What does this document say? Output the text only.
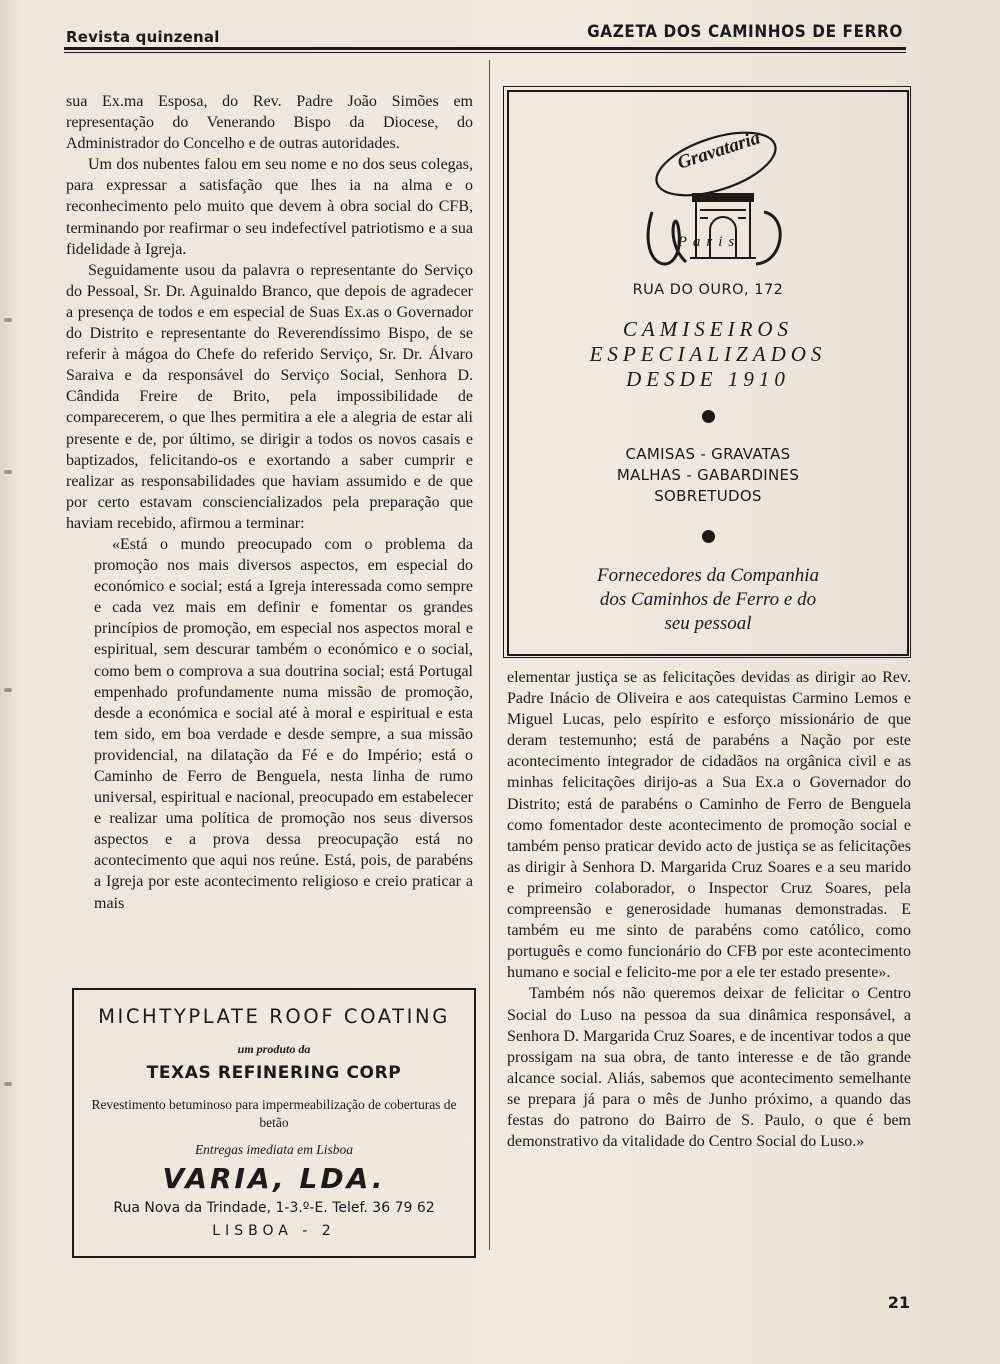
Revista quinzenal	GAZETA DOS CAMINHOS DE FERRO

sua Ex.ma Esposa, do Rev. Padre João Simões em representação do Venerando Bispo da Diocese, do Administrador do Concelho e de outras autoridades.

Um dos nubentes falou em seu nome e no dos seus colegas, para expressar a satisfação que lhes ia na alma e o reconhecimento pelo muito que devem à obra social do CFB, terminando por reafirmar o seu indefectível patriotismo e a sua fidelidade à Igreja.

Seguidamente usou da palavra o representante do Serviço do Pessoal, Sr. Dr. Aguinaldo Branco, que depois de agradecer a presença de todos e em especial de Suas Ex.as o Governador do Distrito e representante do Reverendíssimo Bispo, de se referir à mágoa do Chefe do referido Serviço, Sr. Dr. Álvaro Saraiva e da responsável do Serviço Social, Senhora D. Cândida Freire de Brito, pela impossibilidade de comparecerem, o que lhes permitira a ele a alegria de estar ali presente e de, por último, se dirigir a todos os novos casais e baptizados, felicitando-os e exortando a saber cumprir e realizar as responsabilidades que haviam assumido e de que por certo estavam consciencializados pela preparação que haviam recebido, afirmou a terminar:

«Está o mundo preocupado com o problema da promoção nos mais diversos aspectos, em especial do económico e social; está a Igreja interessada como sempre e cada vez mais em definir e fomentar os grandes princípios de promoção, em especial nos aspectos moral e espiritual, sem descurar também o económico e o social, como bem o comprova a sua doutrina social; está Portugal empenhado profundamente numa missão de promoção, desde a económica e social até à moral e espiritual e esta tem sido, em boa verdade e desde sempre, a sua missão providencial, na dilatação da Fé e do Império; está o Caminho de Ferro de Benguela, nesta linha de rumo universal, espiritual e nacional, preocupado em estabelecer e realizar uma política de promoção nos seus diversos aspectos e a prova dessa preocupação está no acontecimento que aqui nos reúne. Está, pois, de parabéns a Igreja por este acontecimento religioso e creio praticar a mais

MICHTYPLATE ROOF COATING
um produto da
TEXAS REFINERING CORP
Revestimento betuminoso para impermeabilização de coberturas de betão
Entregas imediata em Lisboa
VARIA, LDA.
Rua Nova da Trindade, 1-3.º-E. Telef. 36 79 62
LISBOA - 2
Gravataria
Paris
RUA DO OURO, 172
CAMISEIROS
ESPECIALIZADOS
DESDE 1910
CAMISAS - GRAVATAS
MALHAS - GABARDINES
SOBRETUDOS
Fornecedores da Companhia
dos Caminhos de Ferro e do
seu pessoal

elementar justiça se as felicitações devidas as dirigir ao Rev. Padre Inácio de Oliveira e aos catequistas Carmino Lemos e Miguel Lucas, pelo espírito e esforço missionário de que deram testemunho; está de parabéns a Nação por este acontecimento integrador de cidadãos na orgânica civil e as minhas felicitações dirijo-as a Sua Ex.a o Governador do Distrito; está de parabéns o Caminho de Ferro de Benguela como fomentador deste acontecimento de promoção social e também penso praticar devido acto de justiça se as felicitações as dirigir à Senhora D. Margarida Cruz Soares e a seu marido e primeiro colaborador, o Inspector Cruz Soares, pela compreensão e generosidade humanas demonstradas. E também eu me sinto de parabéns como católico, como português e como funcionário do CFB por este acontecimento humano e social e felicito-me por a ele ter estado presente».

Também nós não queremos deixar de felicitar o Centro Social do Luso na pessoa da sua dinâmica responsável, a Senhora D. Margarida Cruz Soares, e de incentivar todos a que prossigam na sua obra, de tanto interesse e de tão grande alcance social. Aliás, sabemos que acontecimento semelhante se prepara já para o mês de Junho próximo, a quando das festas do patrono do Bairro de S. Paulo, o que é bem demonstrativo da vitalidade do Centro Social do Luso.»

21
